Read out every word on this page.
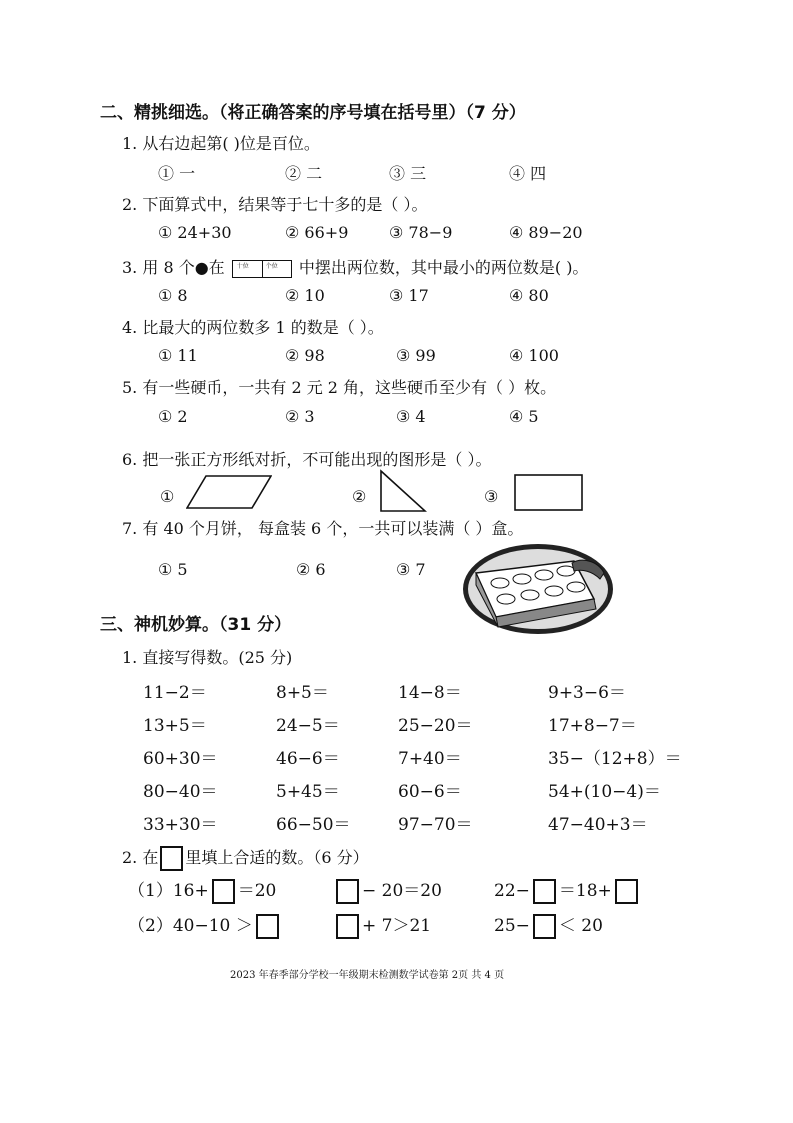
二、精挑细选。（将正确答案的序号填在括号里）（7 分）
1. 从右边起第( )位是百位。
① 一	② 二	③ 三	④ 四
2. 下面算式中，结果等于七十多的是（ ）。
① 24+30	② 66+9	③ 78−9	④ 89−20
3. 用 8 个●在 十位	个位 中摆出两位数，其中最小的两位数是( )。
① 8	② 10	③ 17	④ 80
4. 比最大的两位数多 1 的数是（ ）。
① 11	② 98	③ 99	④ 100
5. 有一些硬币，一共有 2 元 2 角，这些硬币至少有（ ）枚。
① 2	② 3	③ 4	④ 5
6. 把一张正方形纸对折，不可能出现的图形是（ ）。
①	②	③
7. 有 40 个月饼， 每盒装 6 个，一共可以装满（ ）盒。
① 5	② 6	③ 7
三、神机妙算。（31 分）
1. 直接写得数。(25 分)
11−2＝	8+5＝	14−8＝	9+3−6＝
13+5＝	24−5＝	25−20＝	17+8−7＝
60+30＝	46−6＝	7+40＝	35−（12+8）＝
80−40＝	5+45＝	60−6＝	54+(10−4)＝
33+30＝	66−50＝	97−70＝	47−40+3＝
2. 在 里填上合适的数。（6 分）
（1）16+ ＝20	− 20＝20	22− ＝18+
（2）40−10 ＞	+ 7＞21	25− ＜ 20
2023 年春季部分学校一年级期末检测数学试卷第 2页 共 4 页
